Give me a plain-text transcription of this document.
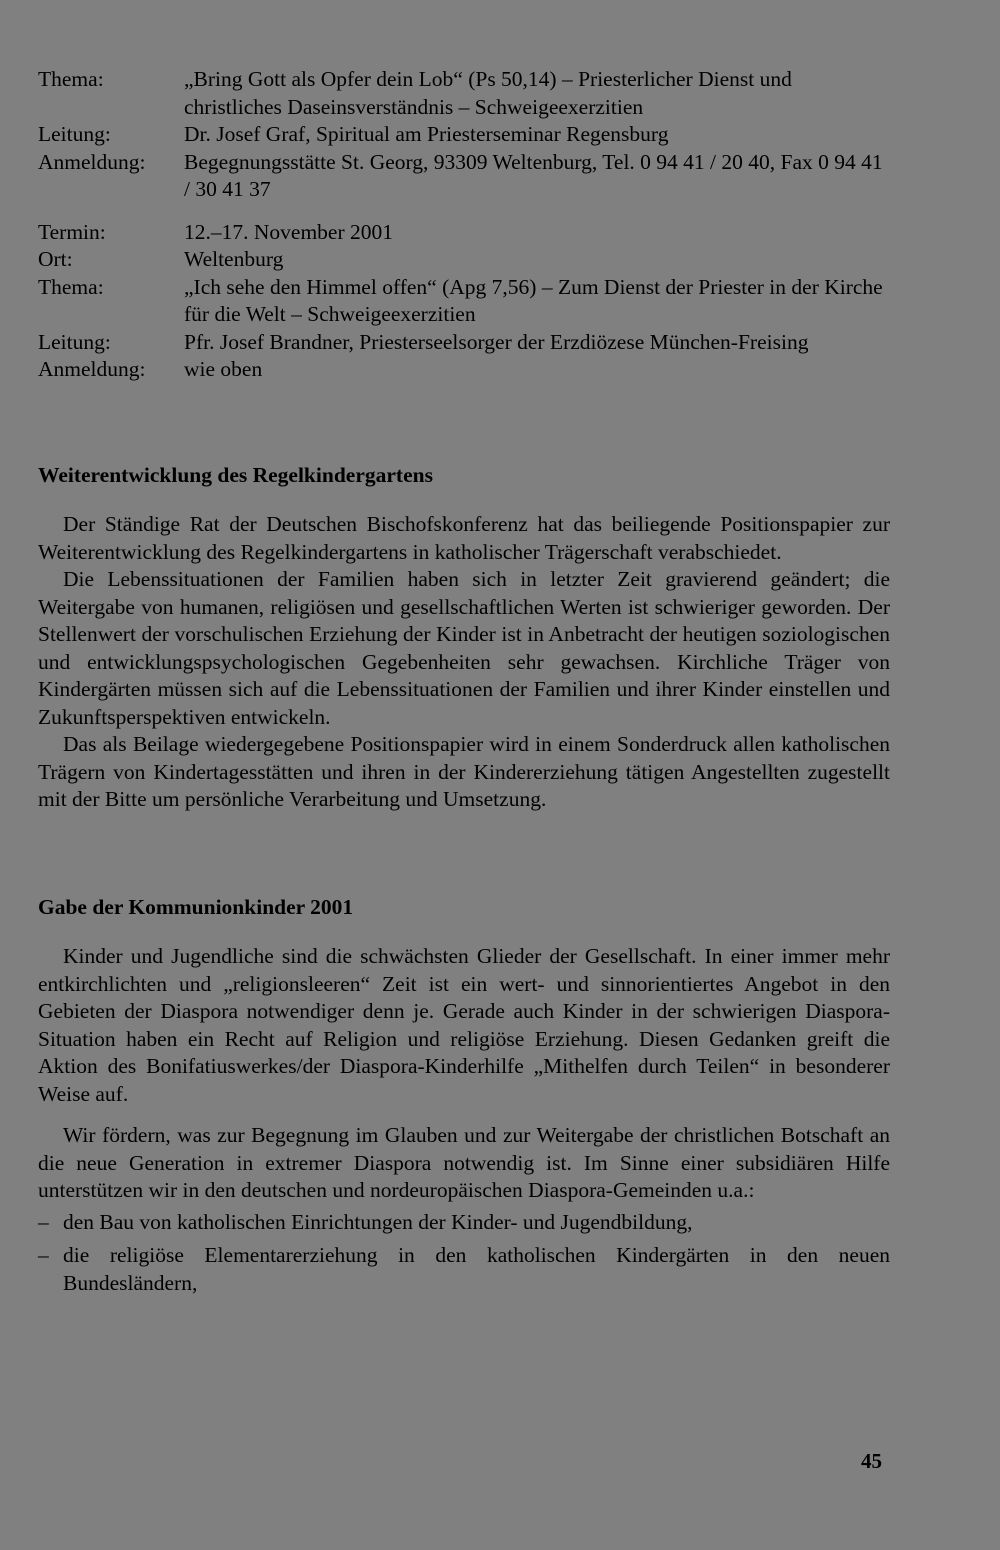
Thema:	„Bring Gott als Opfer dein Lob“ (Ps 50,14) – Priesterlicher Dienst und christliches Daseinsverständnis – Schweigeexerzitien
Leitung:	Dr. Josef Graf, Spiritual am Priesterseminar Regensburg
Anmeldung:	Begegnungsstätte St. Georg, 93309 Weltenburg, Tel. 0 94 41 / 20 40, Fax 0 94 41 / 30 41 37
Termin:	12.–17. November 2001
Ort:	Weltenburg
Thema:	„Ich sehe den Himmel offen“ (Apg 7,56) – Zum Dienst der Priester in der Kirche für die Welt – Schweigeexerzitien
Leitung:	Pfr. Josef Brandner, Priesterseelsorger der Erzdiözese München-Freising
Anmeldung:	wie oben
Weiterentwicklung des Regelkindergartens

Der Ständige Rat der Deutschen Bischofskonferenz hat das beiliegende Positionspapier zur Weiterentwicklung des Regelkindergartens in katholischer Trägerschaft verabschiedet.

Die Lebenssituationen der Familien haben sich in letzter Zeit gravierend geändert; die Weitergabe von humanen, religiösen und gesellschaftlichen Werten ist schwieriger geworden. Der Stellenwert der vorschulischen Erziehung der Kinder ist in Anbetracht der heutigen soziologischen und entwicklungspsychologischen Gegebenheiten sehr gewachsen. Kirchliche Träger von Kindergärten müssen sich auf die Lebenssituationen der Familien und ihrer Kinder einstellen und Zukunftsperspektiven entwickeln.

Das als Beilage wiedergegebene Positionspapier wird in einem Sonderdruck allen katholischen Trägern von Kindertagesstätten und ihren in der Kindererziehung tätigen Angestellten zugestellt mit der Bitte um persönliche Verarbeitung und Umsetzung.

Gabe der Kommunionkinder 2001

Kinder und Jugendliche sind die schwächsten Glieder der Gesellschaft. In einer immer mehr entkirchlichten und „religionsleeren“ Zeit ist ein wert- und sinnorientiertes Angebot in den Gebieten der Diaspora notwendiger denn je. Gerade auch Kinder in der schwierigen Diaspora-Situation haben ein Recht auf Religion und religiöse Erziehung. Diesen Gedanken greift die Aktion des Bonifatiuswerkes/der Diaspora-Kinderhilfe „Mithelfen durch Teilen“ in besonderer Weise auf.

Wir fördern, was zur Begegnung im Glauben und zur Weitergabe der christlichen Botschaft an die neue Generation in extremer Diaspora notwendig ist. Im Sinne einer subsidiären Hilfe unterstützen wir in den deutschen und nordeuropäischen Diaspora-Gemeinden u.a.:

– den Bau von katholischen Einrichtungen der Kinder- und Jugendbildung,
– die religiöse Elementarerziehung in den katholischen Kindergärten in den neuen Bundesländern,
45
